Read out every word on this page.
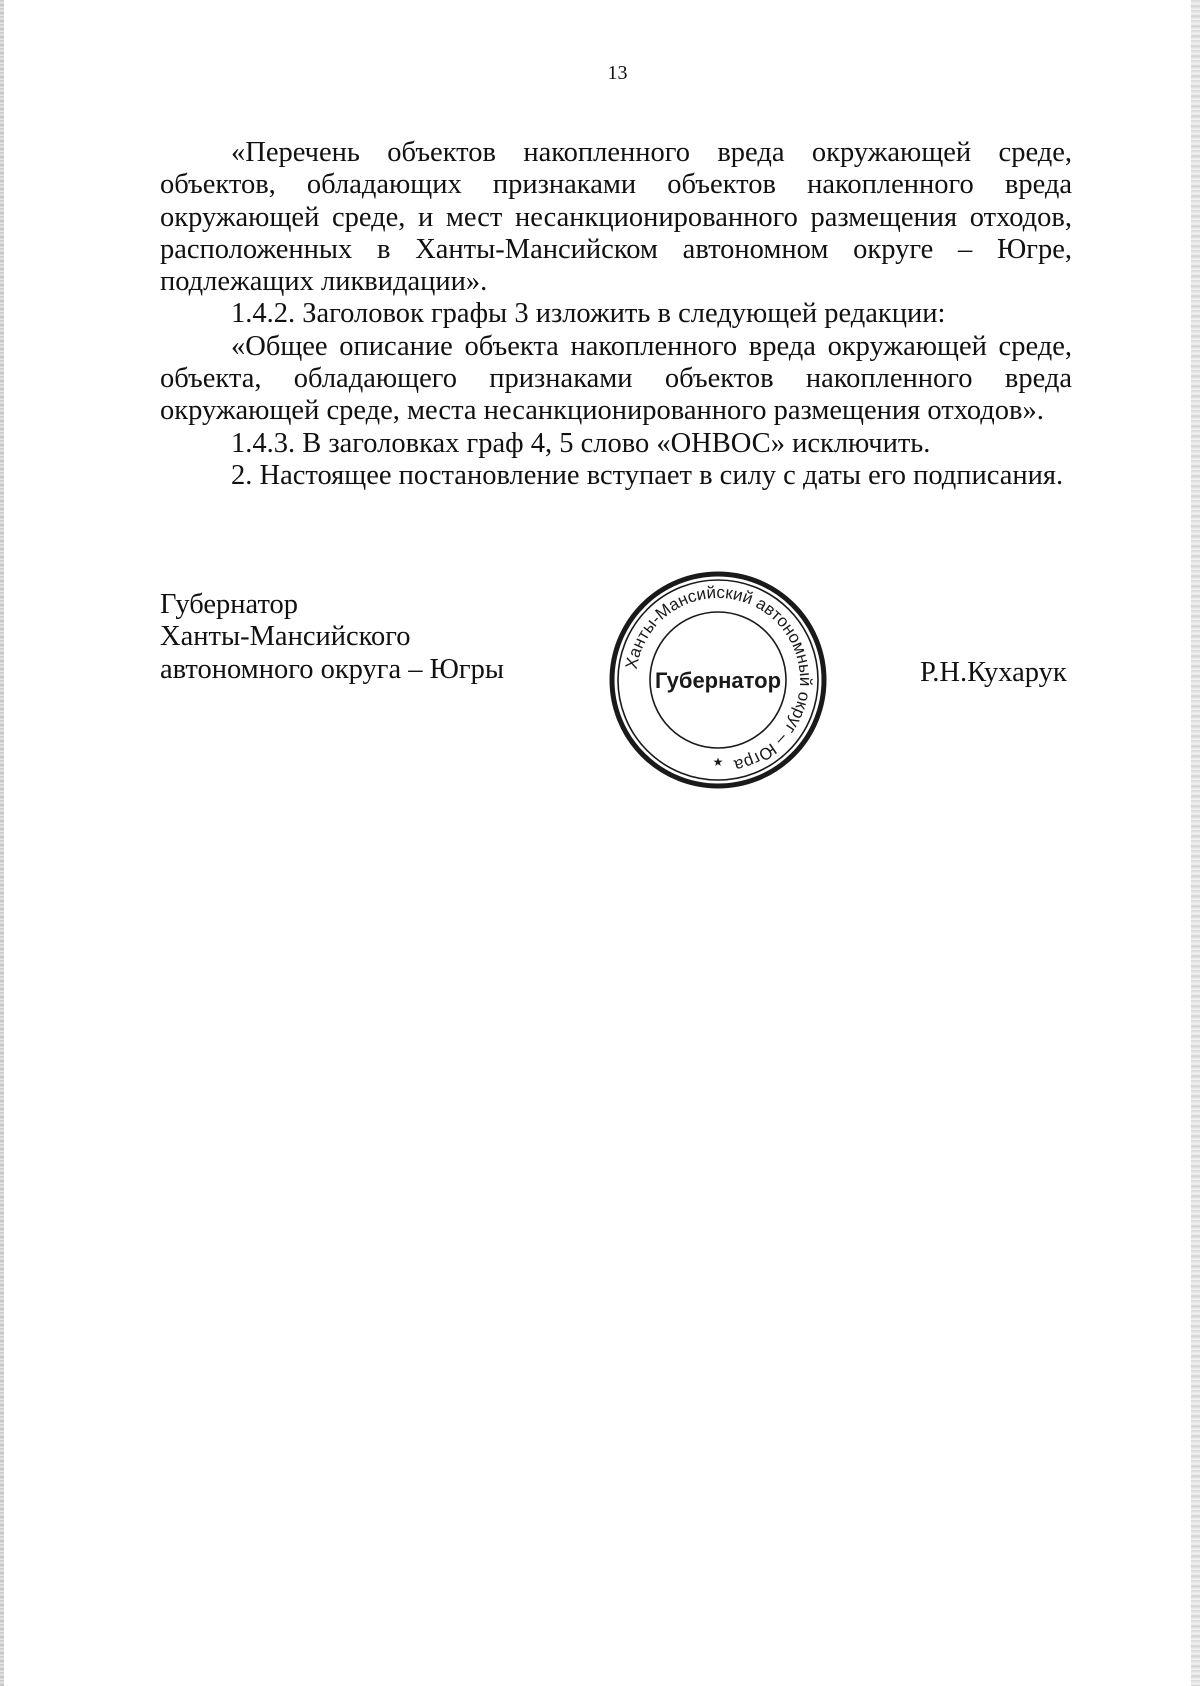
13

«Перечень объектов накопленного вреда окружающей среде, объектов, обладающих признаками объектов накопленного вреда окружающей среде, и мест несанкционированного размещения отходов, расположенных в Ханты-Мансийском автономном округе – Югре, подлежащих ликвидации».

1.4.2. Заголовок графы 3 изложить в следующей редакции:

«Общее описание объекта накопленного вреда окружающей среде, объекта, обладающего признаками объектов накопленного вреда окружающей среде, места несанкционированного размещения отходов».

1.4.3. В заголовках граф 4, 5 слово «ОНВОС» исключить.

2. Настоящее постановление вступает в силу с даты его подписания.

Губернатор
Ханты-Мансийского
автономного округа – Югры	Ханты-Мансийский автономный округ – Югра
Губернатор
★
Р.Н.Кухарук
